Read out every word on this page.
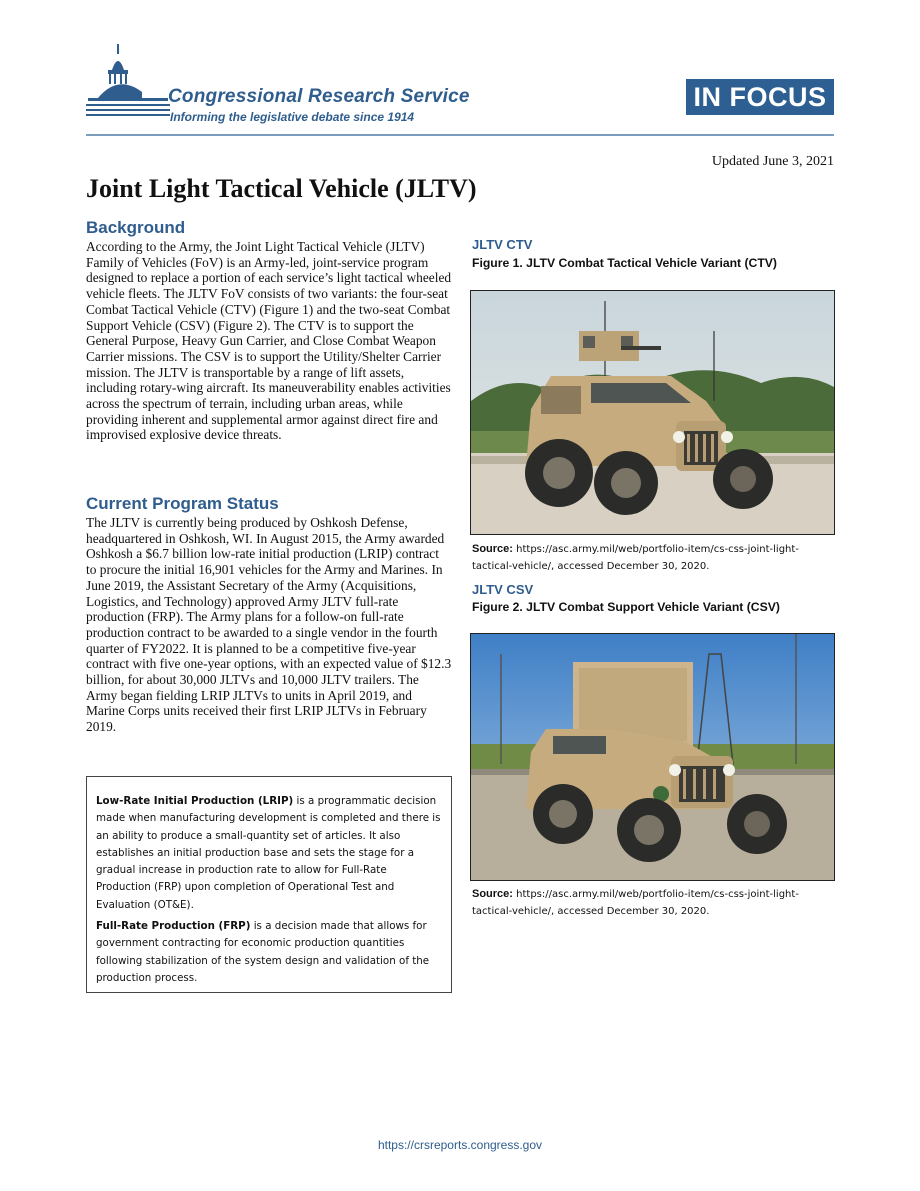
Congressional Research Service
Informing the legislative debate since 1914
IN FOCUS
Updated June 3, 2021
Joint Light Tactical Vehicle (JLTV)
Background

According to the Army, the Joint Light Tactical Vehicle (JLTV) Family of Vehicles (FoV) is an Army-led, joint-service program designed to replace a portion of each service’s light tactical wheeled vehicle fleets. The JLTV FoV consists of two variants: the four-seat Combat Tactical Vehicle (CTV) (Figure 1) and the two-seat Combat Support Vehicle (CSV) (Figure 2). The CTV is to support the General Purpose, Heavy Gun Carrier, and Close Combat Weapon Carrier missions. The CSV is to support the Utility/Shelter Carrier mission. The JLTV is transportable by a range of lift assets, including rotary-wing aircraft. Its maneuverability enables activities across the spectrum of terrain, including urban areas, while providing inherent and supplemental armor against direct fire and improvised explosive device threats.

Current Program Status

The JLTV is currently being produced by Oshkosh Defense, headquartered in Oshkosh, WI. In August 2015, the Army awarded Oshkosh a $6.7 billion low-rate initial production (LRIP) contract to procure the initial 16,901 vehicles for the Army and Marines. In June 2019, the Assistant Secretary of the Army (Acquisitions, Logistics, and Technology) approved Army JLTV full-rate production (FRP). The Army plans for a follow-on full-rate production contract to be awarded to a single vendor in the fourth quarter of FY2022. It is planned to be a competitive five-year contract with five one-year options, with an expected value of $12.3 billion, for about 30,000 JLTVs and 10,000 JLTV trailers. The Army began fielding LRIP JLTVs to units in April 2019, and Marine Corps units received their first LRIP JLTVs in February 2019.

Low-Rate Initial Production (LRIP) is a programmatic decision made when manufacturing development is completed and there is an ability to produce a small-quantity set of articles. It also establishes an initial production base and sets the stage for a gradual increase in production rate to allow for Full-Rate Production (FRP) upon completion of Operational Test and Evaluation (OT&E).

Full-Rate Production (FRP) is a decision made that allows for government contracting for economic production quantities following stabilization of the system design and validation of the production process.

JLTV CTV

Figure 1. JLTV Combat Tactical Vehicle Variant (CTV)

Source: https://asc.army.mil/web/portfolio-item/cs-css-joint-light-tactical-vehicle/, accessed December 30, 2020.

JLTV CSV

Figure 2. JLTV Combat Support Vehicle Variant (CSV)

Source: https://asc.army.mil/web/portfolio-item/cs-css-joint-light-tactical-vehicle/, accessed December 30, 2020.

https://crsreports.congress.gov
